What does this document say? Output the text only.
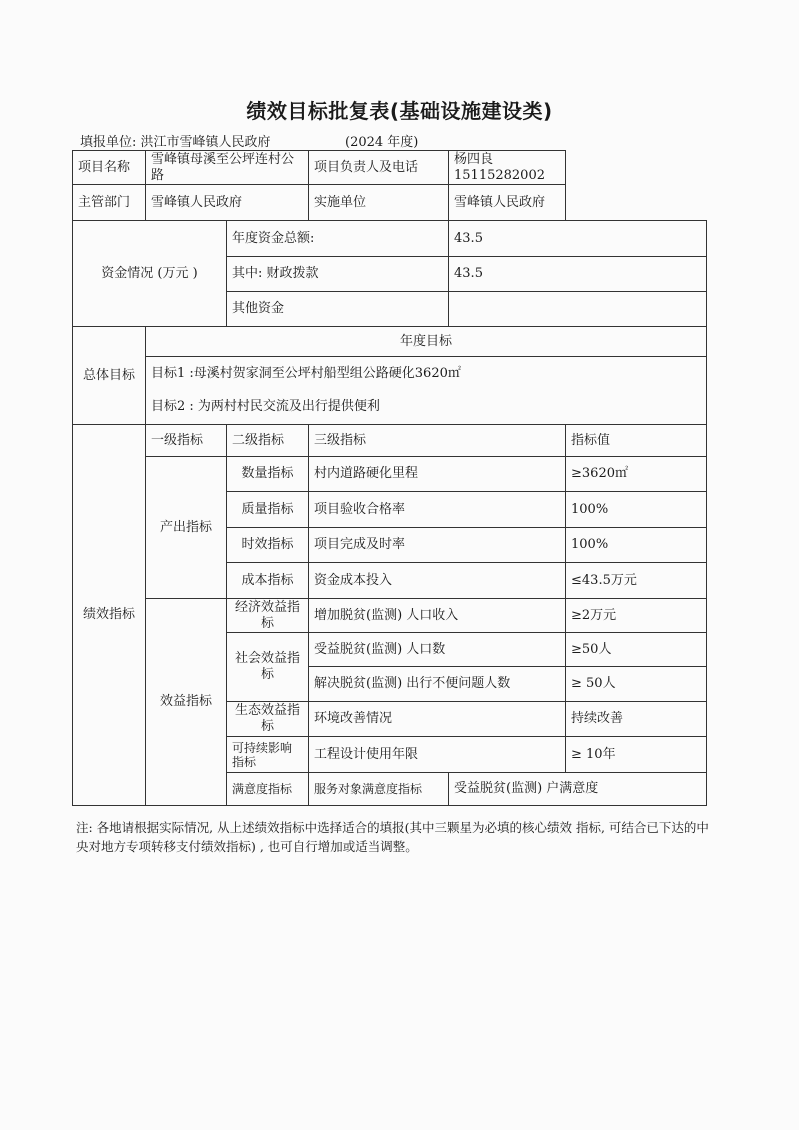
绩效目标批复表(基础设施建设类)
填报单位: 洪江市雪峰镇人民政府	(2024 年度)
项目名称	雪峰镇母溪至公坪连村公路		项目负责人及电话	杨四良15115282002		
主管部门	雪峰镇人民政府		实施单位	雪峰镇人民政府		
资金情况 (万元 )		年度资金总额:		43.5		
		其中: 财政拨款		43.5		
		其他资金				
总体目标	年度目标					
	目标1 :母溪村贺家洞至公坪村船型组公路硬化3620㎡					
	目标2 : 为两村村民交流及出行提供便利					
绩效指标	一级指标	二级指标	三级指标		指标值	
	产出指标	数量指标	村内道路硬化里程		≥3620㎡	
		质量指标	项目验收合格率		100%	
		时效指标	项目完成及时率		100%	
		成本指标	资金成本投入		≤43.5万元	
	效益指标	经济效益指标	增加脱贫(监测) 人口收入		≥2万元	
		社会效益指标	受益脱贫(监测) 人口数		≥50人	
			解决脱贫(监测) 出行不便问题人数		≥ 50人	
		生态效益指标	环境改善情况		持续改善	
		可持续影响指标	工程设计使用年限		≥ 10年	
		满意度指标	服务对象满意度指标	受益脱贫(监测) 户满意度	
注: 各地请根据实际情况, 从上述绩效指标中选择适合的填报(其中三颗星为必填的核心绩效 指标, 可结合已下达的中央对地方专项转移支付绩效指标) , 也可自行增加或适当调整。
